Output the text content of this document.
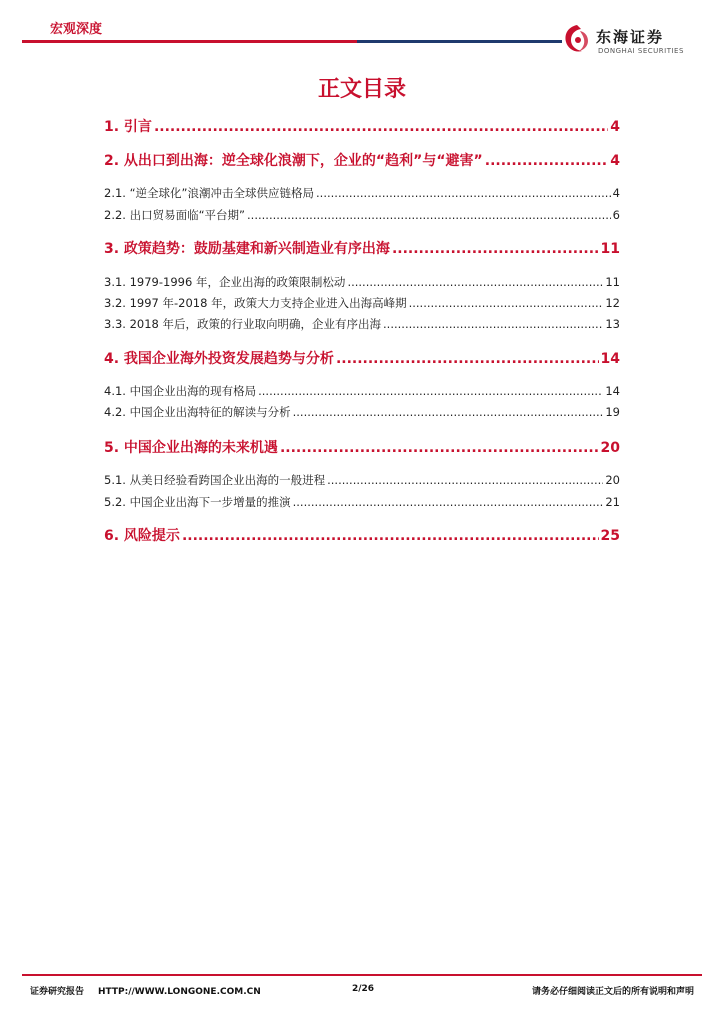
宏观深度	东海证券
DONGHAI SECURITIES
正文目录
1. 引言 .....	4
2. 从出口到出海：逆全球化浪潮下，企业的“趋利”与“避害” .....	4
2.1. “逆全球化”浪潮冲击全球供应链格局 .....	4
2.2. 出口贸易面临“平台期” .....	6
3. 政策趋势：鼓励基建和新兴制造业有序出海 .....	11
3.1. 1979-1996 年，企业出海的政策限制松动 .....	11
3.2. 1997 年-2018 年，政策大力支持企业进入出海高峰期 .....	12
3.3. 2018 年后，政策的行业取向明确，企业有序出海 .....	13
4. 我国企业海外投资发展趋势与分析 .....	14
4.1. 中国企业出海的现有格局 .....	14
4.2. 中国企业出海特征的解读与分析 .....	19
5. 中国企业出海的未来机遇 .....	20
5.1. 从美日经验看跨国企业出海的一般进程 .....	20
5.2. 中国企业出海下一步增量的推演 .....	21
6. 风险提示 .....	25
证券研究报告 HTTP://WWW.LONGONE.COM.CN	2/26	请务必仔细阅读正文后的所有说明和声明
